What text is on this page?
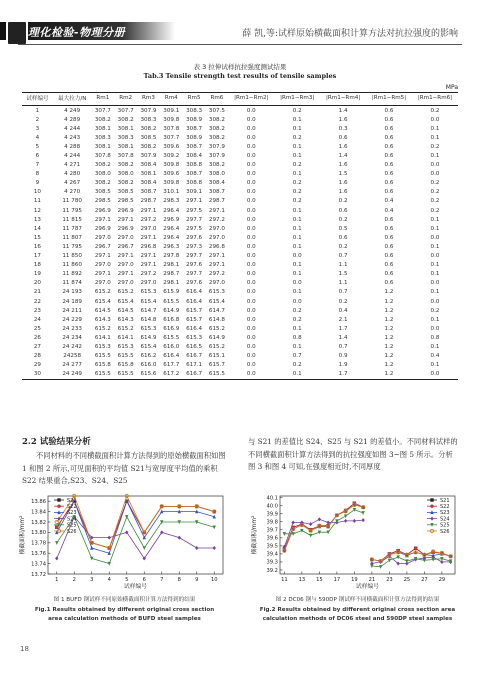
理化检验-物理分册	薛 凯,等:试样原始横截面积计算方法对抗拉强度的影响
表 3 拉伸试样抗拉强度测试结果
Tab.3 Tensile strength test results of tensile samples
MPa
试样编号	最大拉力/N	Rm1	Rm2	Rm3	Rm4	Rm5	Rm6	|Rm1−Rm2|	|Rm1−Rm3|	|Rm1−Rm4|	|Rm1−Rm5|	|Rm1−Rm6|

1	4 249	307.7	307.7	307.9	309.1	308.3	307.5	0.0	0.2	1.4	0.6	0.2
2	4 289	308.2	308.2	308.3	309.8	308.9	308.2	0.0	0.1	1.6	0.6	0.0
3	4 244	308.1	308.1	308.2	307.8	308.7	308.2	0.0	0.1	0.3	0.6	0.1
4	4 243	308.3	308.3	308.5	307.7	308.9	308.2	0.0	0.2	0.6	0.6	0.1
5	4 288	308.1	308.1	308.2	309.6	308.7	307.9	0.0	0.1	1.6	0.6	0.2
6	4 244	307.8	307.8	307.9	309.2	308.4	307.9	0.0	0.1	1.4	0.6	0.1
7	4 271	308.2	308.2	308.4	309.8	308.8	308.2	0.0	0.2	1.6	0.6	0.0
8	4 280	308.0	308.0	308.1	309.6	308.7	308.0	0.0	0.1	1.5	0.6	0.0
9	4 267	308.2	308.2	308.4	309.8	308.8	308.4	0.0	0.2	1.6	0.6	0.2
10	4 270	308.5	308.5	308.7	310.1	309.1	308.7	0.0	0.2	1.6	0.6	0.2
11	11 780	298.5	298.5	298.7	298.3	297.1	298.7	0.0	0.2	0.2	0.4	0.2
12	11 795	296.9	296.9	297.1	296.4	297.5	297.1	0.0	0.1	0.6	0.4	0.2
13	11 815	297.1	297.1	297.2	296.9	297.7	297.2	0.0	0.1	0.2	0.6	0.1
14	11 787	296.9	296.9	297.0	296.4	297.5	297.0	0.0	0.1	0.5	0.6	0.1
15	11 807	297.0	297.0	297.1	296.4	297.6	297.0	0.0	0.1	0.6	0.6	0.0
16	11 795	296.7	296.7	296.8	296.3	297.3	296.8	0.0	0.1	0.2	0.6	0.1
17	11 850	297.1	297.1	297.1	297.8	297.7	297.1	0.0	0.0	0.7	0.6	0.0
18	11 860	297.0	297.0	297.1	298.1	297.6	297.1	0.0	0.1	1.1	0.6	0.1
19	11 892	297.1	297.1	297.2	298.7	297.7	297.2	0.0	0.1	1.5	0.6	0.1
20	11 874	297.0	297.0	297.0	298.1	297.6	297.0	0.0	0.0	1.1	0.6	0.0
21	24 193	615.2	615.2	615.3	615.9	616.4	615.3	0.0	0.1	0.7	1.2	0.1
22	24 189	615.4	615.4	615.4	615.5	616.4	615.4	0.0	0.0	0.2	1.2	0.0
23	24 211	614.5	614.5	614.7	614.9	615.7	614.7	0.0	0.2	0.4	1.2	0.2
24	24 229	614.3	614.3	614.8	616.8	615.7	614.8	0.0	0.2	2.1	1.2	0.1
25	24 233	615.2	615.2	615.3	616.9	616.4	615.2	0.0	0.1	1.7	1.2	0.0
26	24 234	614.1	614.1	614.9	615.5	615.3	614.9	0.0	0.8	1.4	1.2	0.8
27	24 242	615.3	615.3	615.4	616.0	616.5	615.2	0.0	0.1	0.7	1.2	0.1
28	24258	615.5	615.5	616.2	616.4	616.7	615.1	0.0	0.7	0.9	1.2	0.4
29	24 277	615.8	615.8	616.0	617.7	617.1	615.7	0.0	0.2	1.9	1.2	0.1
30	24 249	615.5	615.5	615.6	617.2	616.7	615.5	0.0	0.1	1.7	1.2	0.0
2.2 试验结果分析
不同材料的不同横截面积计算方法得到的原始横截面积如图 1 和图 2 所示,可见面积的平均值 S21与宽厚度平均值的乘积 S22 结果重合,S23、S24、S25
与 S21 的差值比 S24、S25 与 S21 的差值小。不同材料试样的不同横截面积计算方法得到的抗拉强度如图 3~图 5 所示。分析图 3 和图 4 可知,在强度相近时,不同厚度
13.86
13.84
13.82
13.80
13.78
13.76
13.74
13.72
1	2	3	4	5	6	7	8	9 10
试样编号
横截面积/mm²
S21
S22
S23
S24
S25
S26
图 1 BUFD 钢试样不同原始横截面积计算方法得到的结果
Fig.1 Results obtained by different original cross section
area calculation methods of BUFD steel samples
40.1
40.0
39.9
39.8
39.7
39.6
39.5
39.4
39.3
39.2
11 13 15 17 19 21 23 25 27 29
试样编号
横截面积/mm²
S21
S22
S23
S24
S25
S26
图 2 DC06 钢与 590DP 钢试样不同横截面积计算方法得到的结果
Fig.2 Results obtained by different original cross section area
calculation methods of DC06 steel and 590DP steel samples
18
